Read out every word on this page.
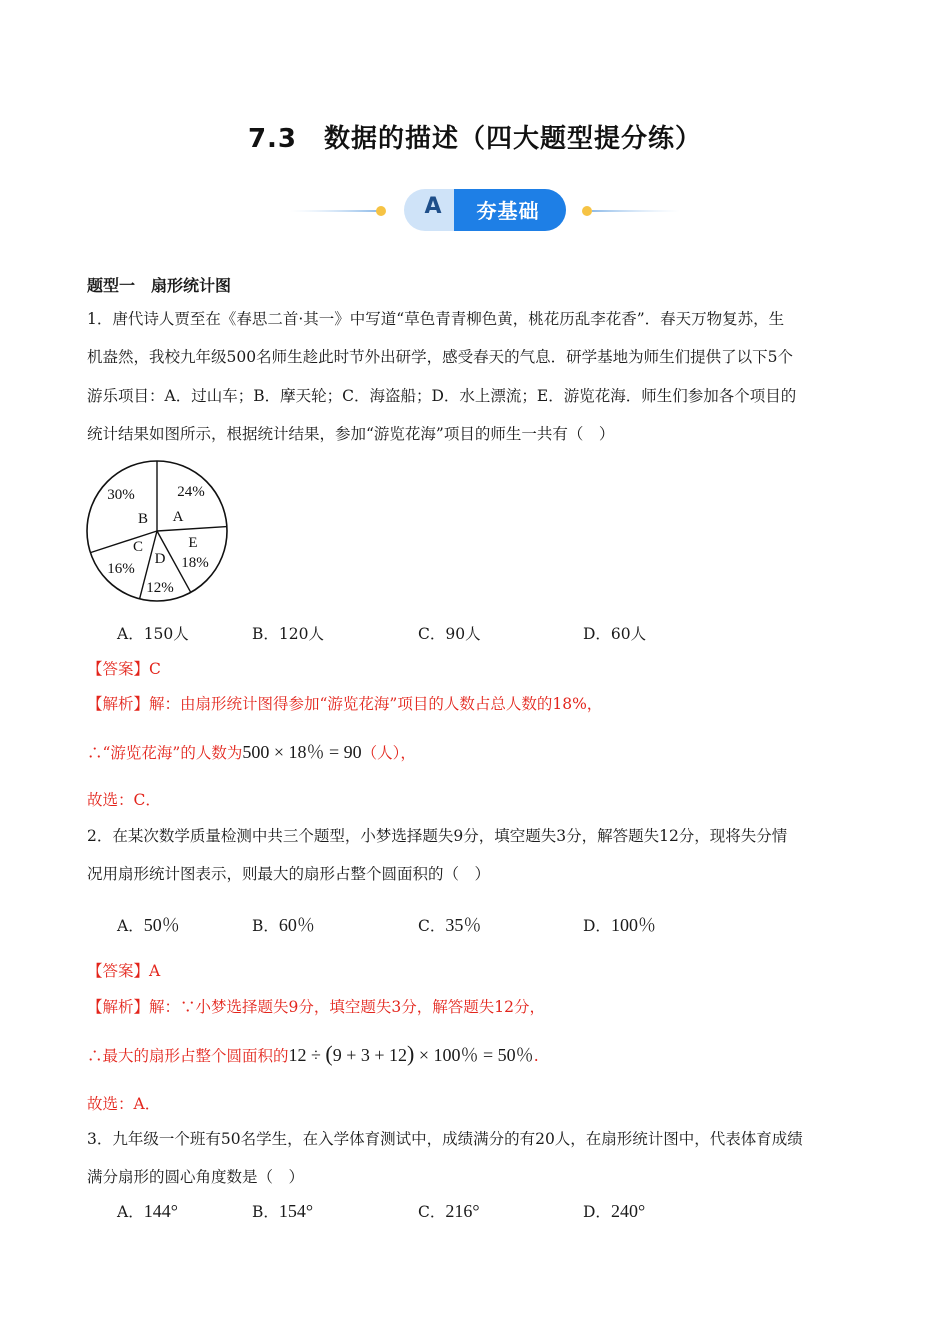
7.3　数据的描述（四大题型提分练）
A	夯基础
题型一　扇形统计图
1．唐代诗人贾至在《春思二首·其一》中写道“草色青青柳色黄，桃花历乱李花香”．春天万物复苏，生
机盎然，我校九年级500名师生趁此时节外出研学，感受春天的气息．研学基地为师生们提供了以下5个
游乐项目：A．过山车；B．摩天轮；C．海盗船；D．水上漂流；E．游览花海．师生们参加各个项目的
统计结果如图所示，根据统计结果，参加“游览花海”项目的师生一共有（　）
A
24%
E
18%
D
12%
C
16%
B
30%
A．150人	B．120人	C．90人	D．60人
【答案】C
【解析】解：由扇形统计图得参加“游览花海”项目的人数占总人数的18%，
∴“游览花海”的人数为500 × 18％ = 90（人），
故选：C．
2．在某次数学质量检测中共三个题型，小梦选择题失9分，填空题失3分，解答题失12分，现将失分情
况用扇形统计图表示，则最大的扇形占整个圆面积的（　）
A．50％	B．60％	C．35％	D．100％
【答案】A
【解析】解：∵小梦选择题失9分，填空题失3分，解答题失12分，
∴最大的扇形占整个圆面积的12 ÷ (9 + 3 + 12) × 100％ = 50％.
故选：A．
3．九年级一个班有50名学生，在入学体育测试中，成绩满分的有20人，在扇形统计图中，代表体育成绩
满分扇形的圆心角度数是（　）
A．144°	B．154°	C．216°	D．240°
